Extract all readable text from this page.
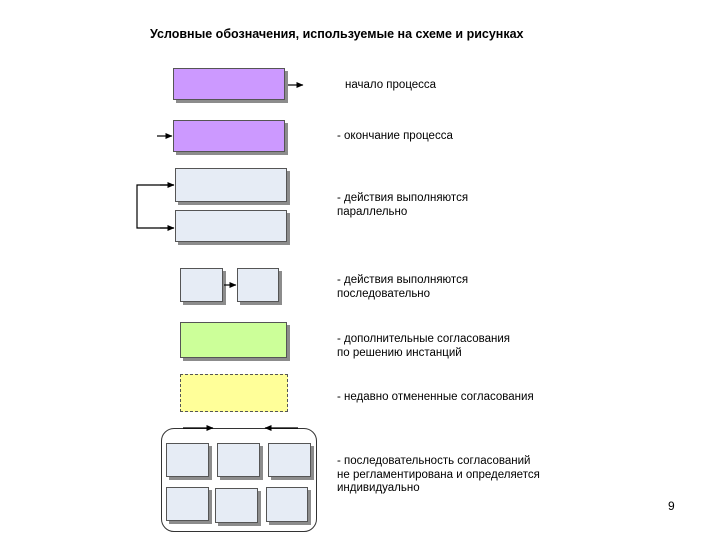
Условные обозначения, используемые на схеме и рисунках
начало процесса
- окончание процесса
- действия выполняются
параллельно
- действия выполняются
последовательно
- дополнительные согласования
по решению инстанций
- недавно отмененные согласования
- последовательность согласований
не регламентирована и определяется
индивидуально
9
